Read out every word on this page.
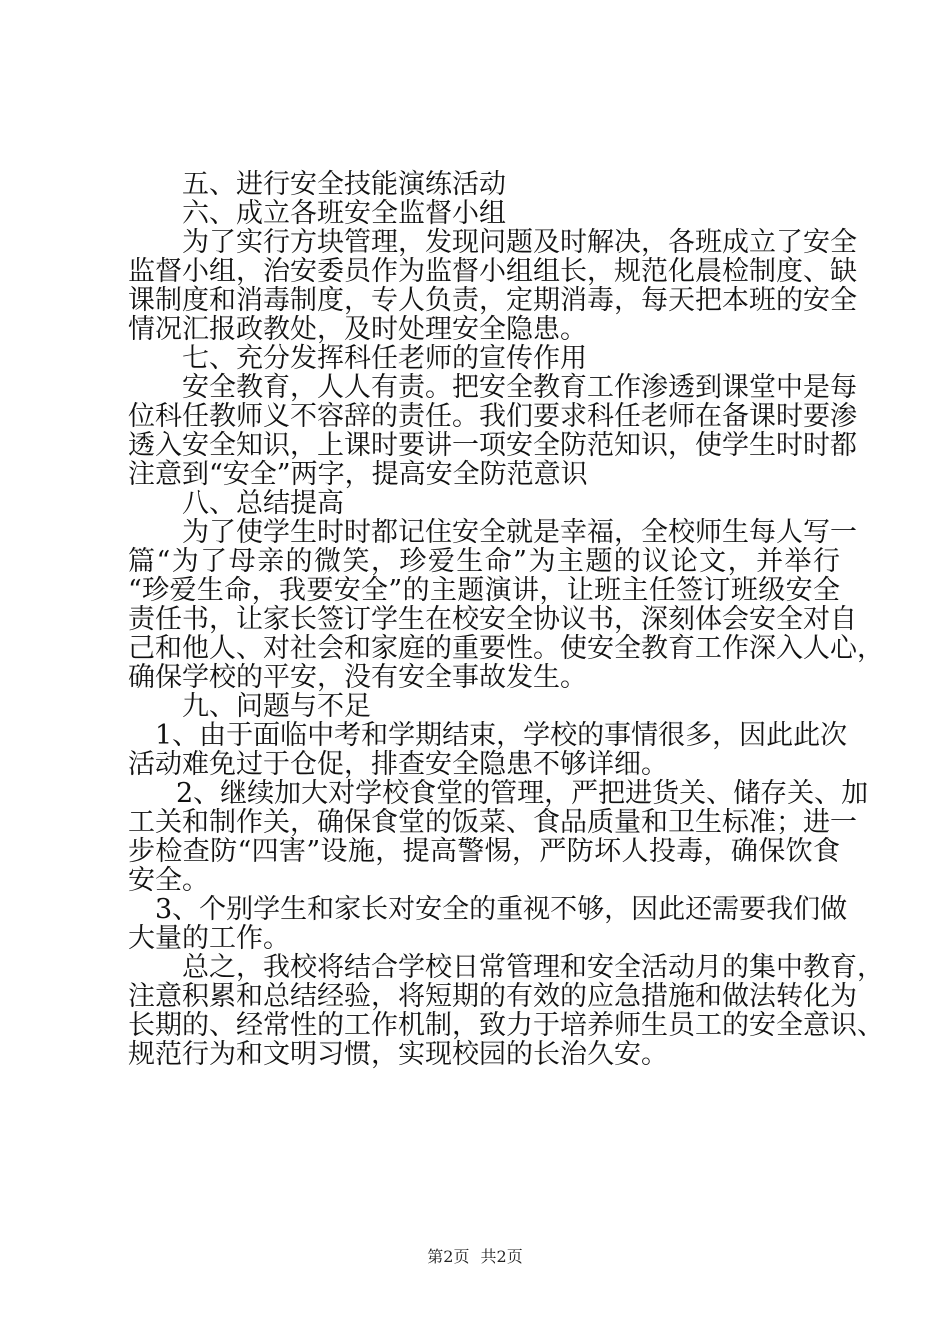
五、进行安全技能演练活动
六、成立各班安全监督小组
为了实行方块管理，发现问题及时解决，各班成立了安全
监督小组，治安委员作为监督小组组长，规范化晨检制度、缺
课制度和消毒制度，专人负责，定期消毒，每天把本班的安全
情况汇报政教处，及时处理安全隐患。
七、充分发挥科任老师的宣传作用
安全教育，人人有责。把安全教育工作渗透到课堂中是每
位科任教师义不容辞的责任。我们要求科任老师在备课时要渗
透入安全知识，上课时要讲一项安全防范知识，使学生时时都
注意到“安全”两字，提高安全防范意识
八、总结提高
为了使学生时时都记住安全就是幸福，全校师生每人写一
篇“为了母亲的微笑，珍爱生命”为主题的议论文，并举行
“珍爱生命，我要安全”的主题演讲，让班主任签订班级安全
责任书，让家长签订学生在校安全协议书，深刻体会安全对自
己和他人、对社会和家庭的重要性。使安全教育工作深入人心，
确保学校的平安，没有安全事故发生。
九、问题与不足
1、由于面临中考和学期结束，学校的事情很多，因此此次
活动难免过于仓促，排查安全隐患不够详细。
2、继续加大对学校食堂的管理，严把进货关、储存关、加
工关和制作关，确保食堂的饭菜、食品质量和卫生标准；进一
步检查防“四害”设施，提高警惕，严防坏人投毒，确保饮食
安全。
3、个别学生和家长对安全的重视不够，因此还需要我们做
大量的工作。
总之，我校将结合学校日常管理和安全活动月的集中教育，
注意积累和总结经验，将短期的有效的应急措施和做法转化为
长期的、经常性的工作机制，致力于培养师生员工的安全意识、
规范行为和文明习惯，实现校园的长治久安。
第2页 共2页
